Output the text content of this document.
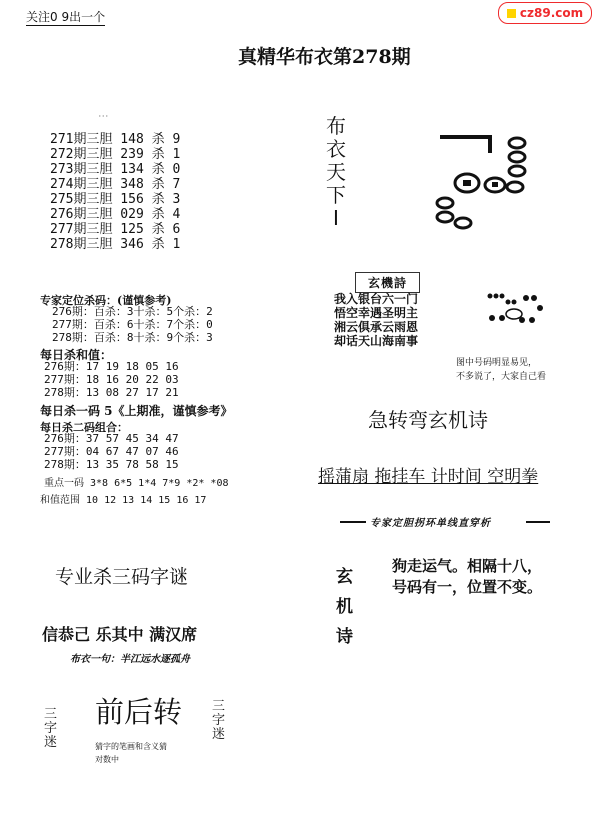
cz89.com
关注0 9出一个
真精华布衣第278期
‧‧‧
271期三胆 148 杀 9
272期三胆 239 杀 1
273期三胆 134 杀 0
274期三胆 348 杀 7
275期三胆 156 杀 3
276期三胆 029 杀 4
277期三胆 125 杀 6
278期三胆 346 杀 1
专家定位杀码：(谨慎参考)
276期：百杀：3十杀：5个杀：2
277期：百杀：6十杀：7个杀：0
278期：百杀：8十杀：9个杀：3
每日杀和值：
276期：17 19 18 05 16
277期：18 16 20 22 03
278期：13 08 27 17 21
每日杀一码 5《上期准，谨慎参考》
每日杀二码组合：
276期：37 57 45 34 47
277期：04 67 47 07 46
278期：13 35 78 58 15
重点一码 3*8 6*5 1*4 7*9 *2* *08
和值范围 10 12 13 14 15 16 17
专业杀三码字谜
信恭己 乐其中 满汉席
布衣一句：半江远水逐孤舟
三
字
迷
前后转 三
字
迷
猜字的笔画和含义猜
对数中
布
衣
天
下
I
玄機詩
我入银台六一门
悟空幸遇圣明主
湘云俱承云雨恩
却话天山海南事
图中号码明显易见，
不多说了，大家自己看
急转弯玄机诗
摇蒲扇 拖挂车 计时间 空明拳
专家定胆拐环单线直穿析
玄
机
诗
狗走运气。相隔十八，
号码有一，位置不变。
